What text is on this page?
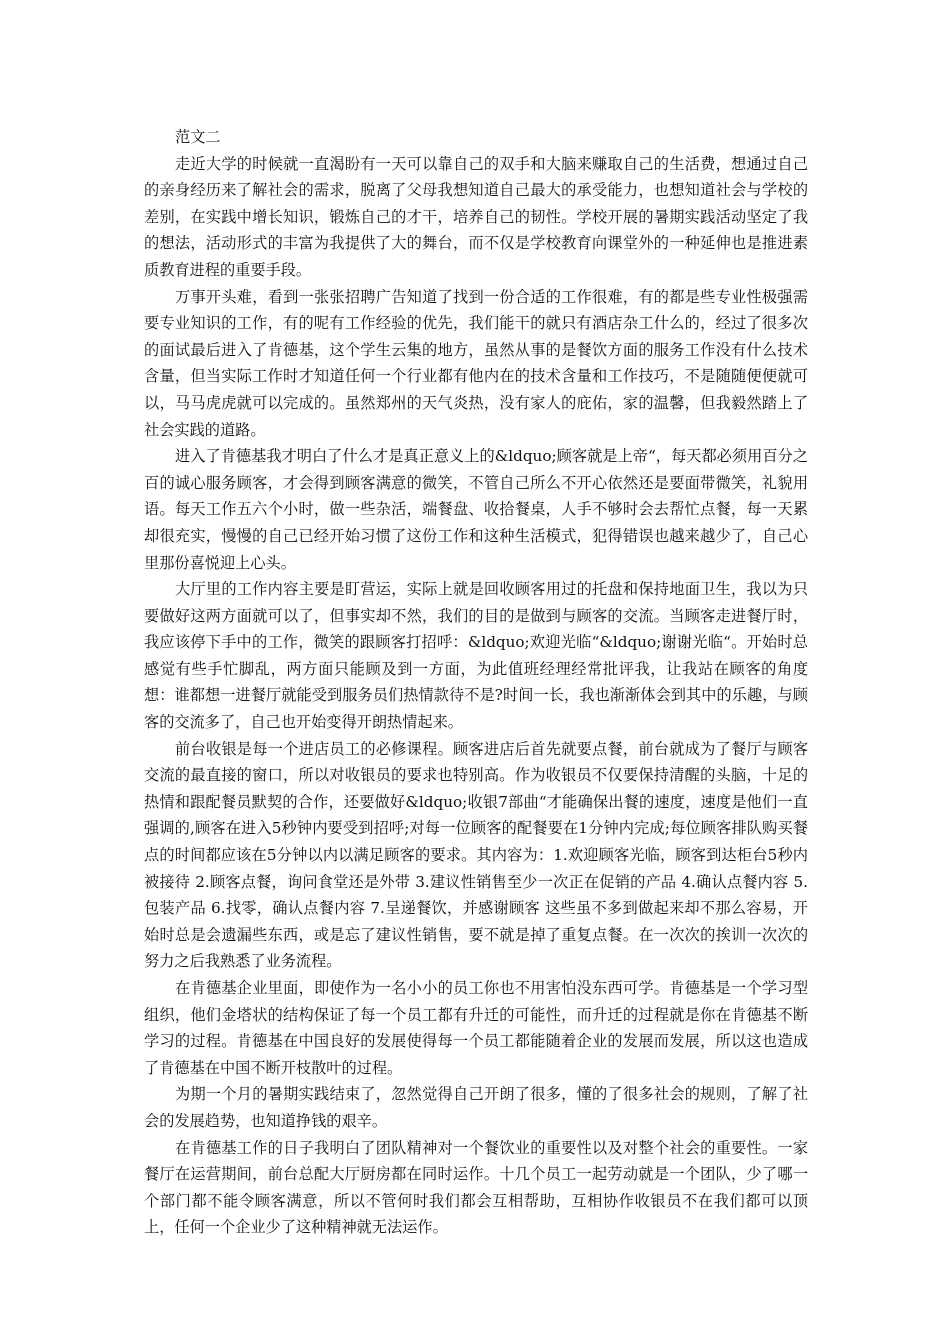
范文二

走近大学的时候就一直渴盼有一天可以靠自己的双手和大脑来赚取自己的生活费，想通过自己的亲身经历来了解社会的需求，脱离了父母我想知道自己最大的承受能力，也想知道社会与学校的差别，在实践中增长知识，锻炼自己的才干，培养自己的韧性。学校开展的暑期实践活动坚定了我的想法，活动形式的丰富为我提供了大的舞台，而不仅是学校教育向课堂外的一种延伸也是推进素质教育进程的重要手段。

万事开头难，看到一张张招聘广告知道了找到一份合适的工作很难，有的都是些专业性极强需要专业知识的工作，有的呢有工作经验的优先，我们能干的就只有酒店杂工什么的，经过了很多次的面试最后进入了肯德基，这个学生云集的地方，虽然从事的是餐饮方面的服务工作没有什么技术含量，但当实际工作时才知道任何一个行业都有他内在的技术含量和工作技巧，不是随随便便就可以，马马虎虎就可以完成的。虽然郑州的天气炎热，没有家人的庇佑，家的温馨，但我毅然踏上了社会实践的道路。

进入了肯德基我才明白了什么才是真正意义上的&ldquo;顾客就是上帝“，每天都必须用百分之百的诚心服务顾客，才会得到顾客满意的微笑，不管自己所么不开心依然还是要面带微笑，礼貌用语。每天工作五六个小时，做一些杂活，端餐盘、收拾餐桌，人手不够时会去帮忙点餐，每一天累却很充实，慢慢的自己已经开始习惯了这份工作和这种生活模式，犯得错误也越来越少了，自己心里那份喜悦迎上心头。

大厅里的工作内容主要是盯营运，实际上就是回收顾客用过的托盘和保持地面卫生，我以为只要做好这两方面就可以了，但事实却不然，我们的目的是做到与顾客的交流。当顾客走进餐厅时，我应该停下手中的工作，微笑的跟顾客打招呼：&ldquo;欢迎光临“&ldquo;谢谢光临“。开始时总感觉有些手忙脚乱，两方面只能顾及到一方面，为此值班经理经常批评我，让我站在顾客的角度想：谁都想一进餐厅就能受到服务员们热情款待不是?时间一长，我也渐渐体会到其中的乐趣，与顾客的交流多了，自己也开始变得开朗热情起来。

前台收银是每一个进店员工的必修课程。顾客进店后首先就要点餐，前台就成为了餐厅与顾客交流的最直接的窗口，所以对收银员的要求也特别高。作为收银员不仅要保持清醒的头脑，十足的热情和跟配餐员默契的合作，还要做好&ldquo;收银7部曲“才能确保出餐的速度，速度是他们一直强调的,顾客在进入5秒钟内要受到招呼;对每一位顾客的配餐要在1分钟内完成;每位顾客排队购买餐点的时间都应该在5分钟以内以满足顾客的要求。其内容为：1.欢迎顾客光临，顾客到达柜台5秒内被接待 2.顾客点餐，询问食堂还是外带 3.建议性销售至少一次正在促销的产品 4.确认点餐内容 5.包装产品 6.找零，确认点餐内容 7.呈递餐饮，并感谢顾客 这些虽不多到做起来却不那么容易，开始时总是会遗漏些东西，或是忘了建议性销售，要不就是掉了重复点餐。在一次次的挨训一次次的努力之后我熟悉了业务流程。

在肯德基企业里面，即使作为一名小小的员工你也不用害怕没东西可学。肯德基是一个学习型组织，他们金塔状的结构保证了每一个员工都有升迁的可能性，而升迁的过程就是你在肯德基不断学习的过程。肯德基在中国良好的发展使得每一个员工都能随着企业的发展而发展，所以这也造成了肯德基在中国不断开枝散叶的过程。

为期一个月的暑期实践结束了，忽然觉得自己开朗了很多，懂的了很多社会的规则，了解了社会的发展趋势，也知道挣钱的艰辛。

在肯德基工作的日子我明白了团队精神对一个餐饮业的重要性以及对整个社会的重要性。一家餐厅在运营期间，前台总配大厅厨房都在同时运作。十几个员工一起劳动就是一个团队，少了哪一个部门都不能令顾客满意，所以不管何时我们都会互相帮助，互相协作收银员不在我们都可以顶上，任何一个企业少了这种精神就无法运作。
